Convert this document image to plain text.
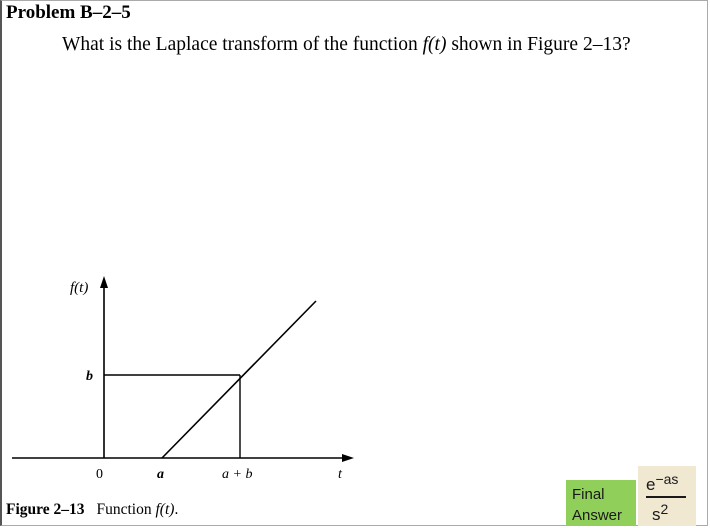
Problem B–2–5
What is the Laplace transform of the function f(t) shown in Figure 2–13?
f(t)
b
0	a	a + b	t
Figure 2–13 Function f(t).
Final
Answer
$e^{-as}$
$s^2$
